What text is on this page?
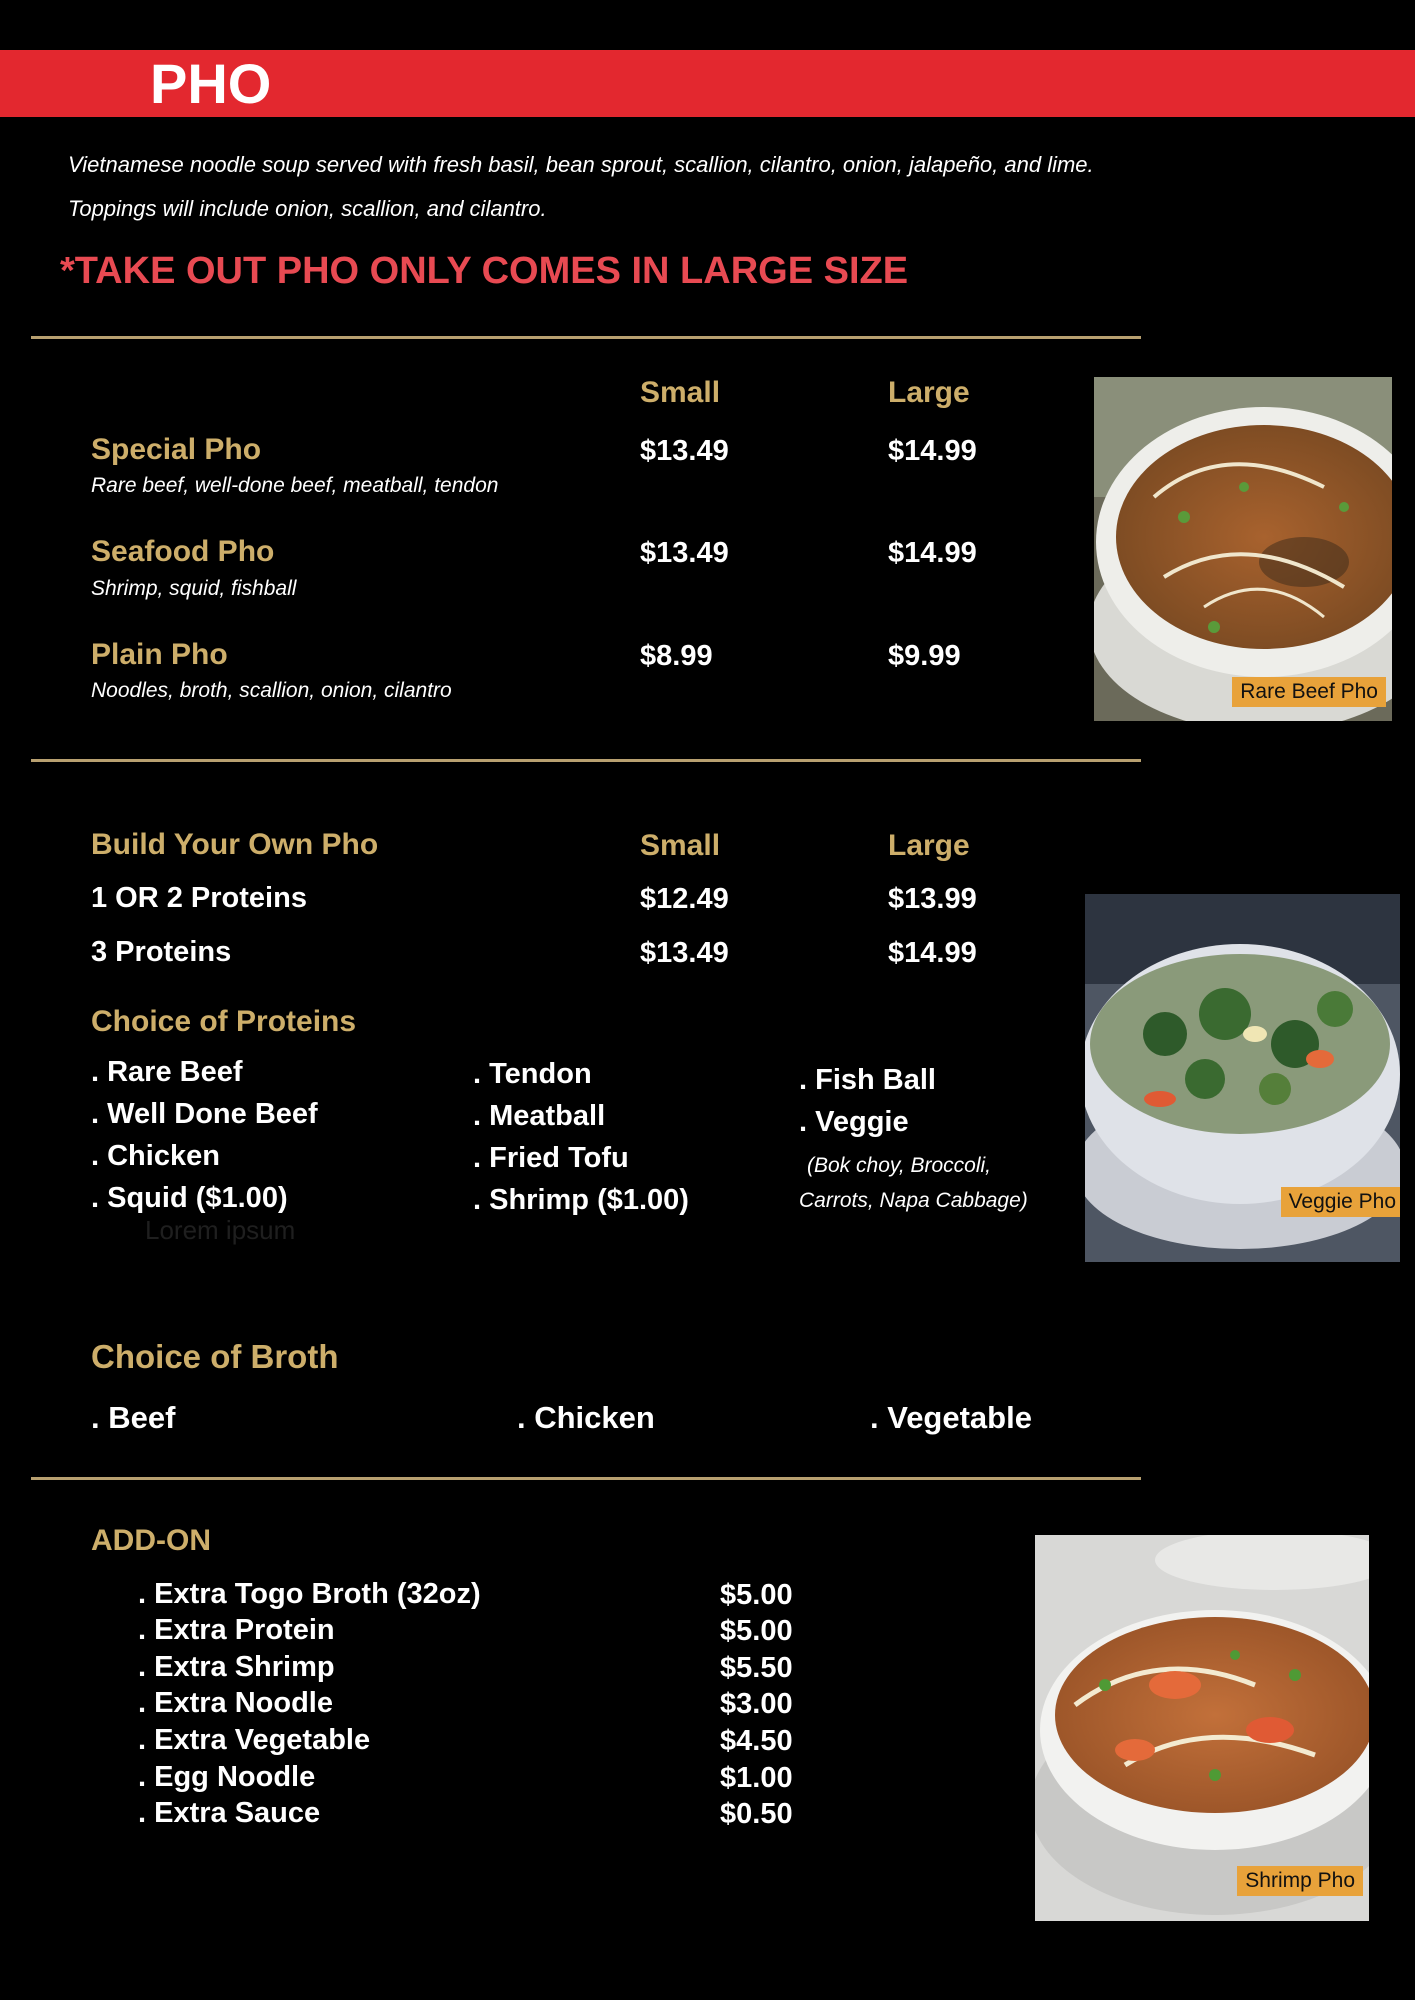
PHO
Vietnamese noodle soup served with fresh basil, bean sprout, scallion, cilantro, onion, jalapeño, and lime.
Toppings will include onion, scallion, and cilantro.
*TAKE OUT PHO ONLY COMES IN LARGE SIZE
Small	Large
Special Pho
Rare beef, well-done beef, meatball, tendon
$13.49	$14.99
Seafood Pho
Shrimp, squid, fishball
$13.49	$14.99
Plain Pho
Noodles, broth, scallion, onion, cilantro
$8.99	$9.99
Rare Beef Pho
Build Your Own Pho	Small	Large
1 OR 2 Proteins	$12.49	$13.99
3 Proteins	$13.49	$14.99
Choice of Proteins
. Rare Beef
. Well Done Beef
. Chicken
. Squid ($1.00)
Lorem ipsum
. Tendon
. Meatball
. Fried Tofu
. Shrimp ($1.00)
. Fish Ball
. Veggie
(Bok choy, Broccoli,
Carrots, Napa Cabbage)	Veggie Pho
Choice of Broth
. Beef	. Chicken	. Vegetable
ADD-ON
. Extra Togo Broth (32oz)	$5.00
. Extra Protein	$5.00
. Extra Shrimp	$5.50
. Extra Noodle	$3.00
. Extra Vegetable	$4.50
. Egg Noodle	$1.00
. Extra Sauce	$0.50
Shrimp Pho
